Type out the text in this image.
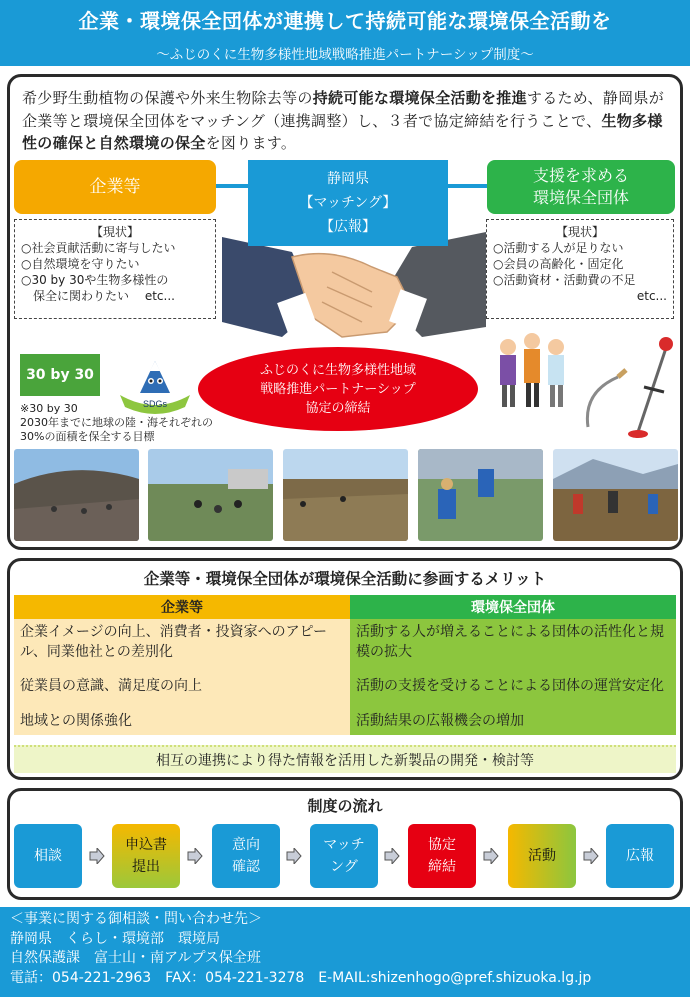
企業・環境保全団体が連携して持続可能な環境保全活動を
～ふじのくに生物多様性地域戦略推進パートナーシップ制度～
希少野生動植物の保護や外来生物除去等の持続可能な環境保全活動を推進するため、静岡県が企業等と環境保全団体をマッチング（連携調整）し、３者で協定締結を行うことで、生物多様性の確保と自然環境の保全を図ります。
企業等	静岡県
【マッチング】
【広報】
支援を求める
環境保全団体
【現状】
○社会貢献活動に寄与したい
○自然環境を守りたい
○30 by 30や生物多様性の
　保全に関わりたい　 etc...
【現状】
○活動する人が足りない
○会員の高齢化・固定化
○活動資材・活動費の不足
etc...
30 by 30
SDGs
※30 by 30
2030年までに地球の陸・海それぞれの
30%の面積を保全する目標
ふじのくに生物多様性地域
戦略推進パートナーシップ
協定の締結
企業等・環境保全団体が環境保全活動に参画するメリット
企業等	環境保全団体
企業イメージの向上、消費者・投資家へのアピール、同業他社との差別化	活動する人が増えることによる団体の活性化と規模の拡大
従業員の意識、満足度の向上	活動の支援を受けることによる団体の運営安定化
地域との関係強化	活動結果の広報機会の増加
相互の連携により得た情報を活用した新製品の開発・検討等
制度の流れ
相談
申込書
提出
意向
確認
マッチ
ング
協定
締結
活動	広報
＜事業に関する御相談・問い合わせ先＞
静岡県　くらし・環境部　環境局
自然保護課　富士山・南アルプス保全班
電話：054-221-2963　FAX：054-221-3278　E-MAIL:shizenhogo@pref.shizuoka.lg.jp
